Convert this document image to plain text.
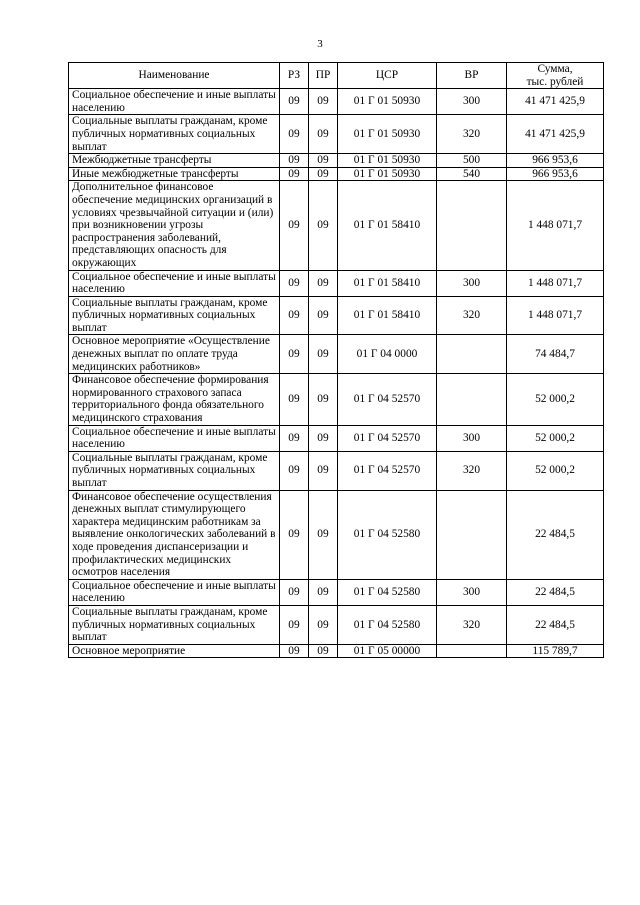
3
Наименование	РЗ	ПР	ЦСР	ВР	Сумма,
тыс. рублей
Социальное обеспечение и иные выплаты населению	09	09	01 Г 01 50930	300	41 471 425,9
Социальные выплаты гражданам, кроме публичных нормативных социальных выплат	09	09	01 Г 01 50930	320	41 471 425,9
Межбюджетные трансферты	09	09	01 Г 01 50930	500	966 953,6
Иные межбюджетные трансферты	09	09	01 Г 01 50930	540	966 953,6
Дополнительное финансовое обеспечение медицинских организаций в условиях чрезвычайной ситуации и (или) при возникновении угрозы распространения заболеваний, представляющих опасность для окружающих	09	09	01 Г 01 58410		1 448 071,7
Социальное обеспечение и иные выплаты населению	09	09	01 Г 01 58410	300	1 448 071,7
Социальные выплаты гражданам, кроме публичных нормативных социальных выплат	09	09	01 Г 01 58410	320	1 448 071,7
Основное мероприятие «Осуществление денежных выплат по оплате труда медицинских работников»	09	09	01 Г 04 0000		74 484,7
Финансовое обеспечение формирования нормированного страхового запаса территориального фонда обязательного медицинского страхования	09	09	01 Г 04 52570		52 000,2
Социальное обеспечение и иные выплаты населению	09	09	01 Г 04 52570	300	52 000,2
Социальные выплаты гражданам, кроме публичных нормативных социальных выплат	09	09	01 Г 04 52570	320	52 000,2
Финансовое обеспечение осуществления денежных выплат стимулирующего характера медицинским работникам за выявление онкологических заболеваний в ходе проведения диспансеризации и профилактических медицинских осмотров населения	09	09	01 Г 04 52580		22 484,5
Социальное обеспечение и иные выплаты населению	09	09	01 Г 04 52580	300	22 484,5
Социальные выплаты гражданам, кроме публичных нормативных социальных выплат	09	09	01 Г 04 52580	320	22 484,5
Основное мероприятие	09	09	01 Г 05 00000		115 789,7
